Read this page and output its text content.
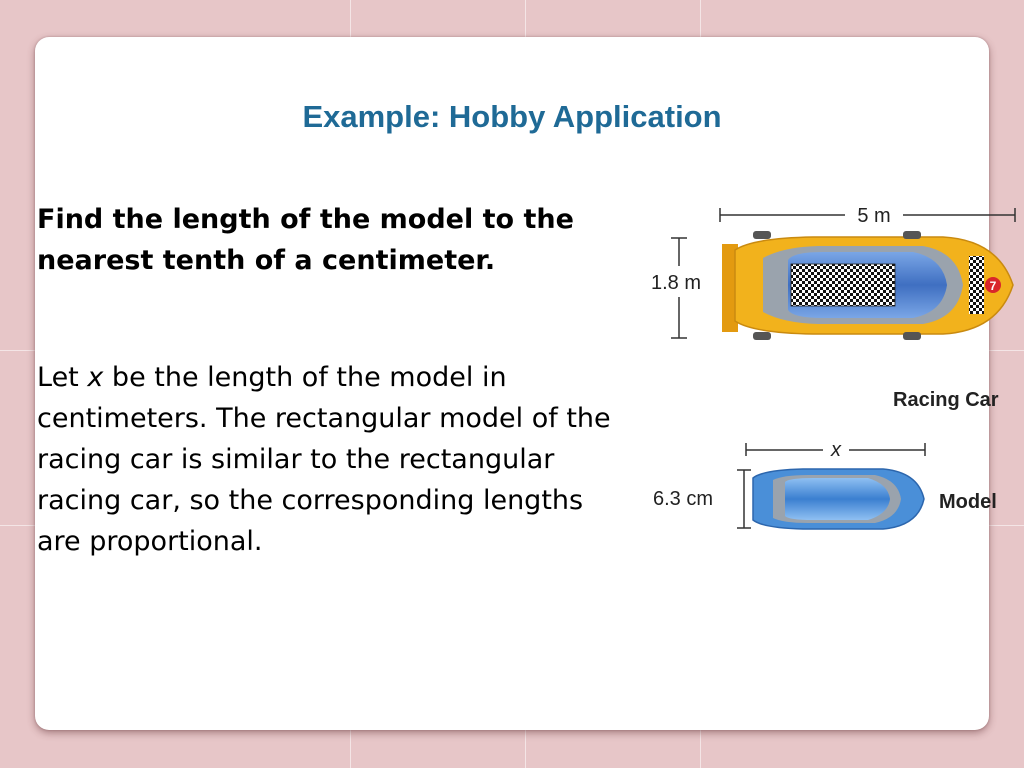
Example: Hobby Application
Find the length of the model to the nearest tenth of a centimeter.
Let x be the length of the model in centimeters. The rectangular model of the racing car is similar to the rectangular racing car, so the corresponding lengths are proportional.
5 m
1.8 m	7
Racing Car
x
6.3 cm	Model
